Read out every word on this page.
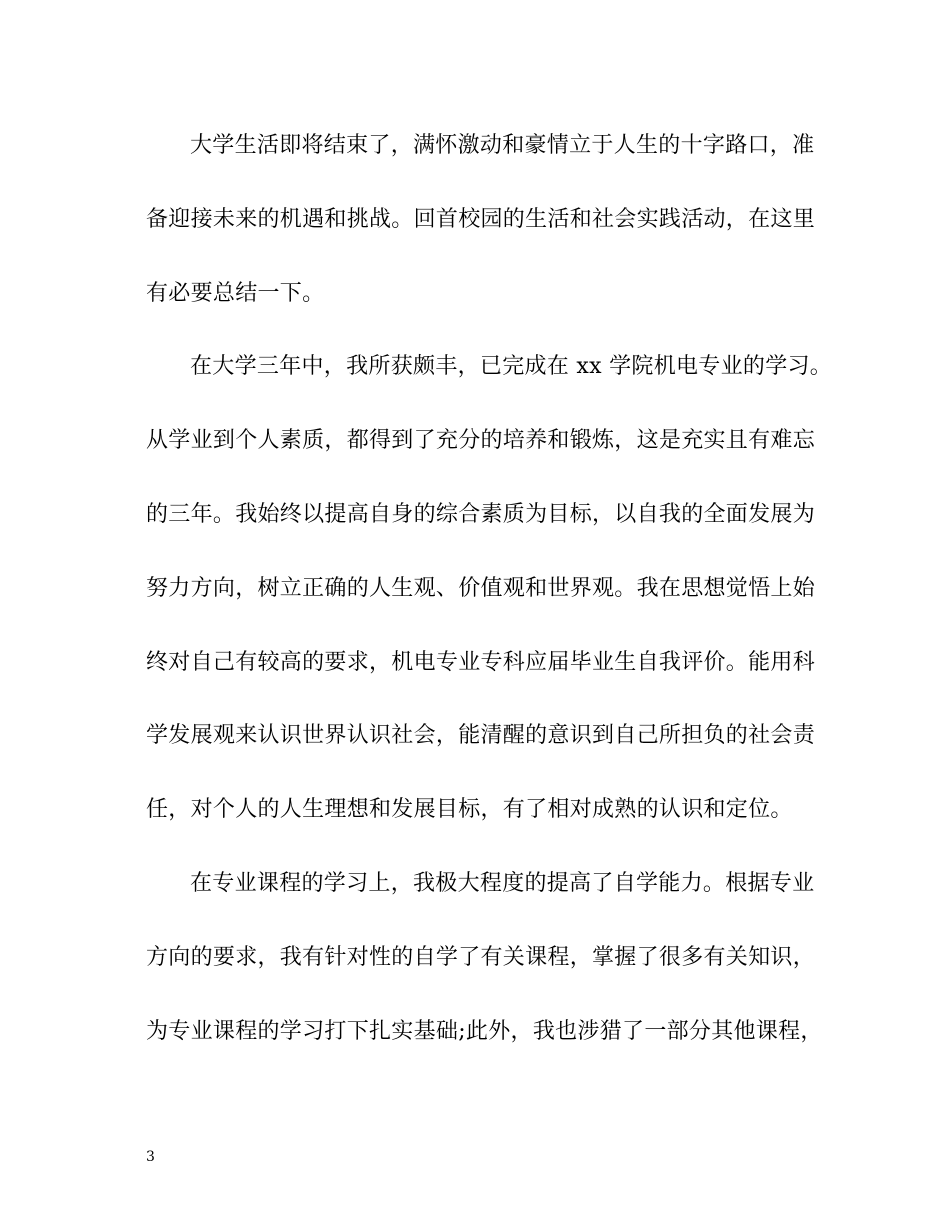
大学生活即将结束了，满怀激动和豪情立于人生的十字路口，准
备迎接未来的机遇和挑战。回首校园的生活和社会实践活动，在这里
有必要总结一下。
在大学三年中，我所获颇丰，已完成在 xx 学院机电专业的学习。
从学业到个人素质，都得到了充分的培养和锻炼，这是充实且有难忘
的三年。我始终以提高自身的综合素质为目标，以自我的全面发展为
努力方向，树立正确的人生观、价值观和世界观。我在思想觉悟上始
终对自己有较高的要求，机电专业专科应届毕业生自我评价。能用科
学发展观来认识世界认识社会，能清醒的意识到自己所担负的社会责
任，对个人的人生理想和发展目标，有了相对成熟的认识和定位。
在专业课程的学习上，我极大程度的提高了自学能力。根据专业
方向的要求，我有针对性的自学了有关课程，掌握了很多有关知识，
为专业课程的学习打下扎实基础;此外，我也涉猎了一部分其他课程，
3
